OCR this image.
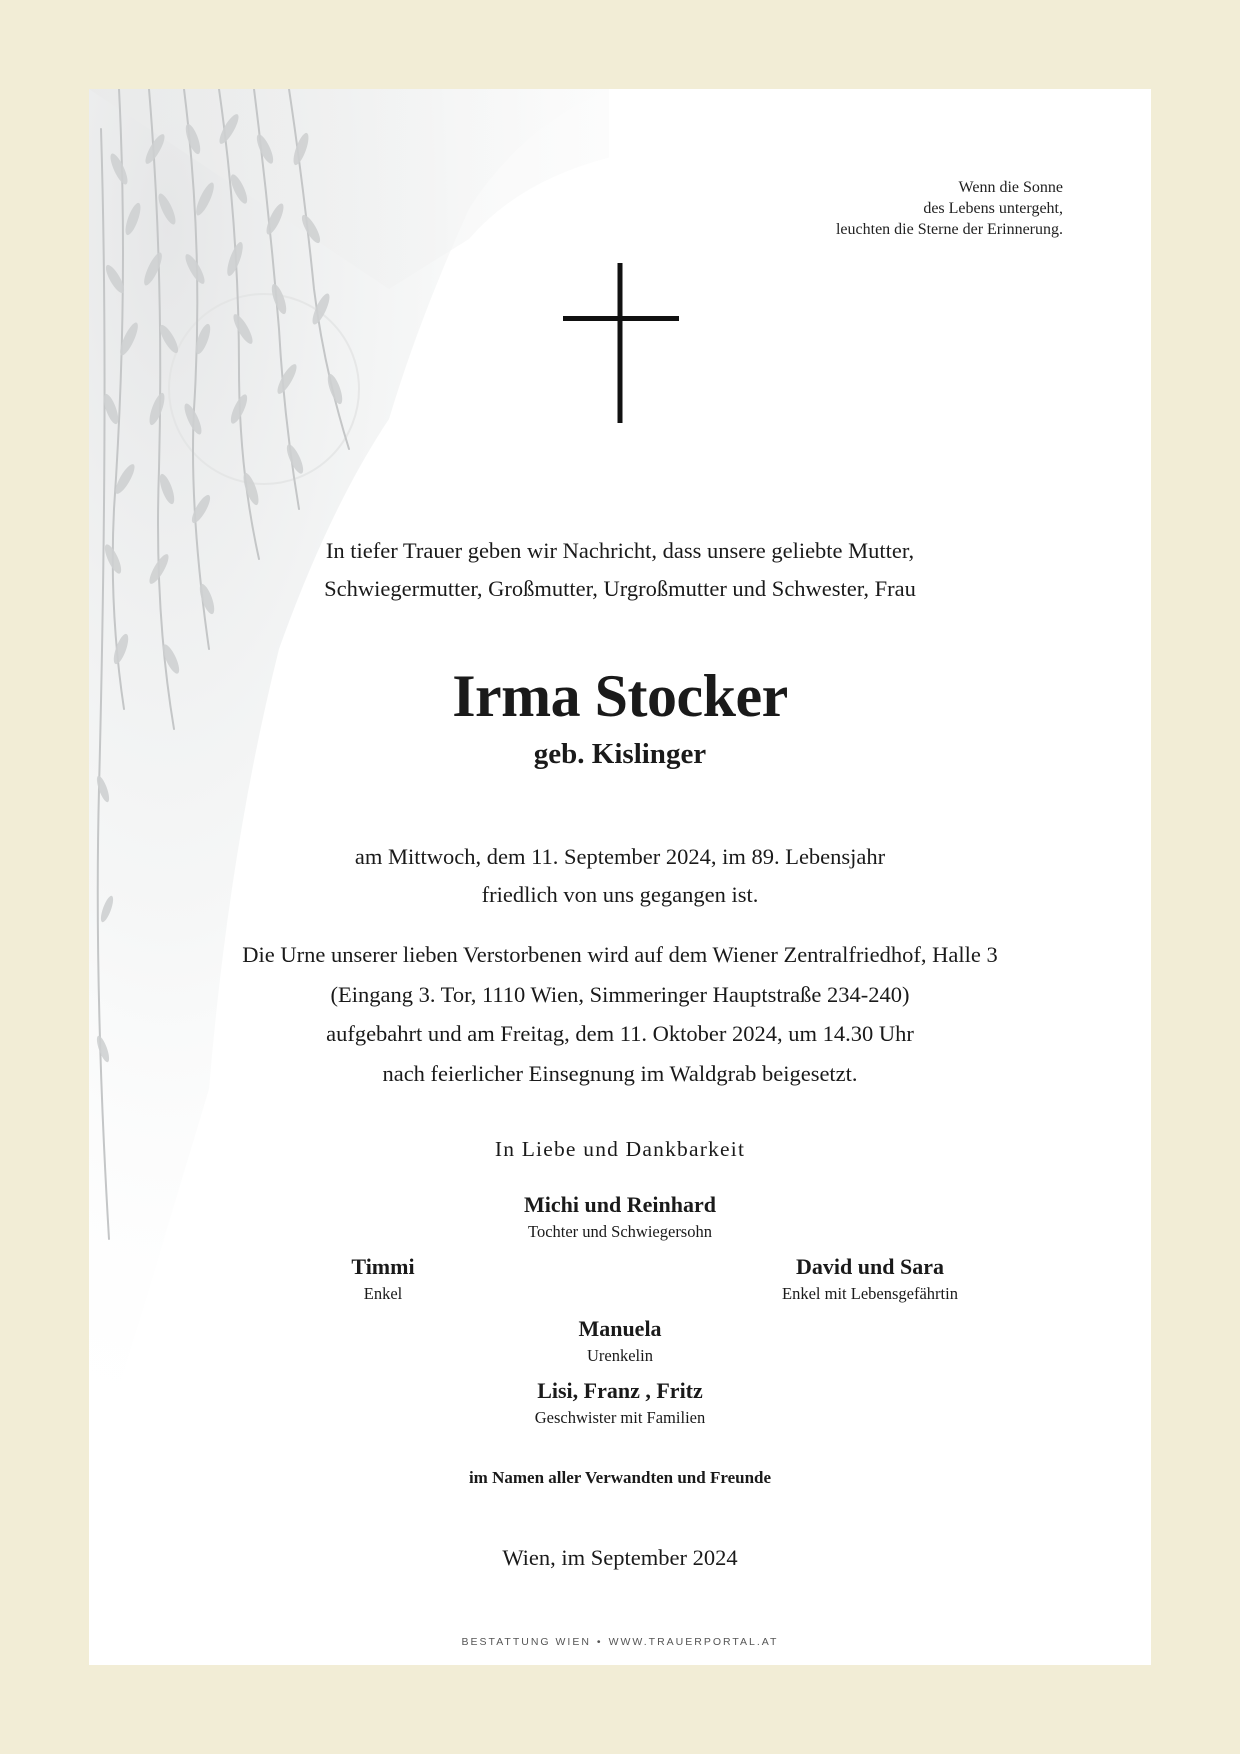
Wenn die Sonne
des Lebens untergeht,
leuchten die Sterne der Erinnerung.
In tiefer Trauer geben wir Nachricht, dass unsere geliebte Mutter,
Schwiegermutter, Großmutter, Urgroßmutter und Schwester, Frau
Irma Stocker
geb. Kislinger
am Mittwoch, dem 11. September 2024, im 89. Lebensjahr
friedlich von uns gegangen ist.
Die Urne unserer lieben Verstorbenen wird auf dem Wiener Zentralfriedhof, Halle 3
(Eingang 3. Tor, 1110 Wien, Simmeringer Hauptstraße 234-240)
aufgebahrt und am Freitag, dem 11. Oktober 2024, um 14.30 Uhr
nach feierlicher Einsegnung im Waldgrab beigesetzt.
In Liebe und Dankbarkeit
Michi und Reinhard
Tochter und Schwiegersohn
Timmi
Enkel
David und Sara
Enkel mit Lebensgefährtin
Manuela
Urenkelin
Lisi, Franz , Fritz
Geschwister mit Familien
im Namen aller Verwandten und Freunde
Wien, im September 2024
BESTATTUNG WIEN • WWW.TRAUERPORTAL.AT
